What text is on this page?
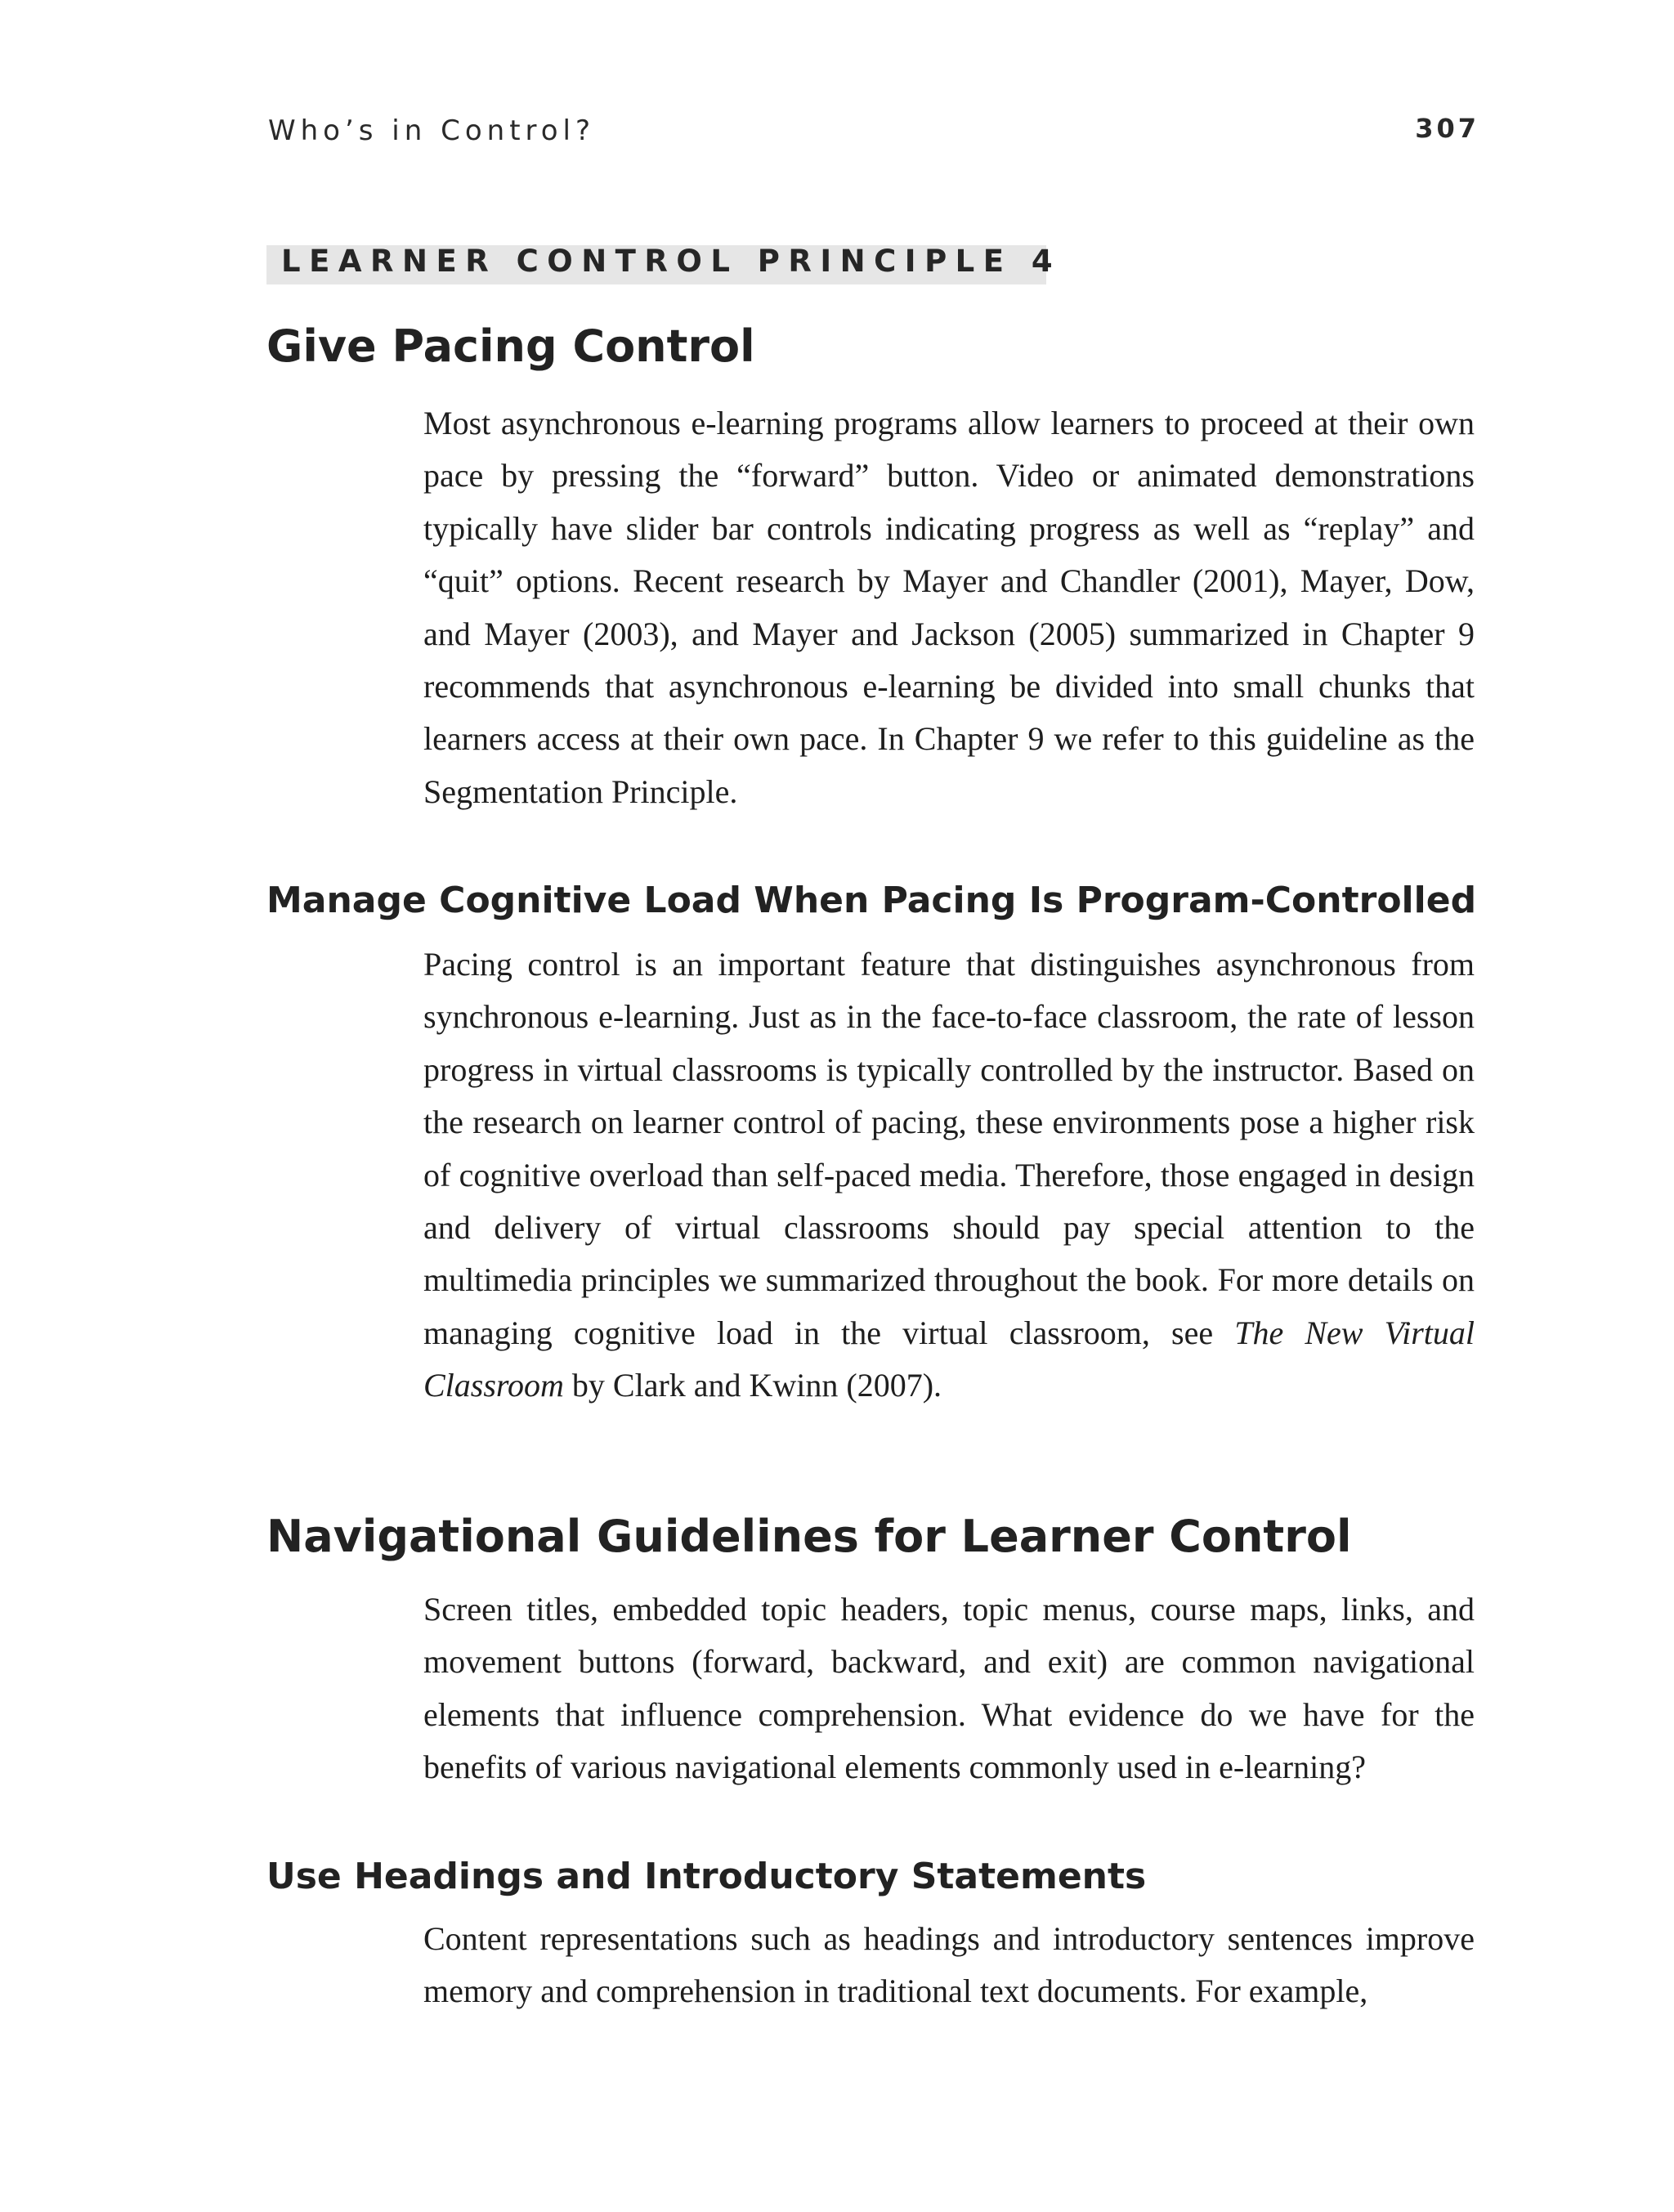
Who’s in Control?	307
LEARNER CONTROL PRINCIPLE 4
Give Pacing Control

Most asynchronous e-learning programs allow learners to proceed at their own pace by pressing the “forward” button. Video or animated demonstrations typically have slider bar controls indicating progress as well as “replay” and “quit” options. Recent research by Mayer and Chandler (2001), Mayer, Dow, and Mayer (2003), and Mayer and Jackson (2005) summarized in Chapter 9 recommends that asynchronous e-learning be divided into small chunks that learners access at their own pace. In Chapter 9 we refer to this guideline as the Segmentation Principle.

Manage Cognitive Load When Pacing Is Program-Controlled

Pacing control is an important feature that distinguishes asynchronous from synchronous e-learning. Just as in the face-to-face classroom, the rate of lesson progress in virtual classrooms is typically controlled by the instructor. Based on the research on learner control of pacing, these environments pose a higher risk of cognitive overload than self-paced media. Therefore, those engaged in design and delivery of virtual classrooms should pay special attention to the multimedia principles we summarized throughout the book. For more details on managing cognitive load in the virtual classroom, see The New Virtual Classroom by Clark and Kwinn (2007).

Navigational Guidelines for Learner Control

Screen titles, embedded topic headers, topic menus, course maps, links, and movement buttons (forward, backward, and exit) are common navigational elements that influence comprehension. What evidence do we have for the benefits of various navigational elements commonly used in e-learning?

Use Headings and Introductory Statements

Content representations such as headings and introductory sentences improve memory and comprehension in traditional text documents. For example,
